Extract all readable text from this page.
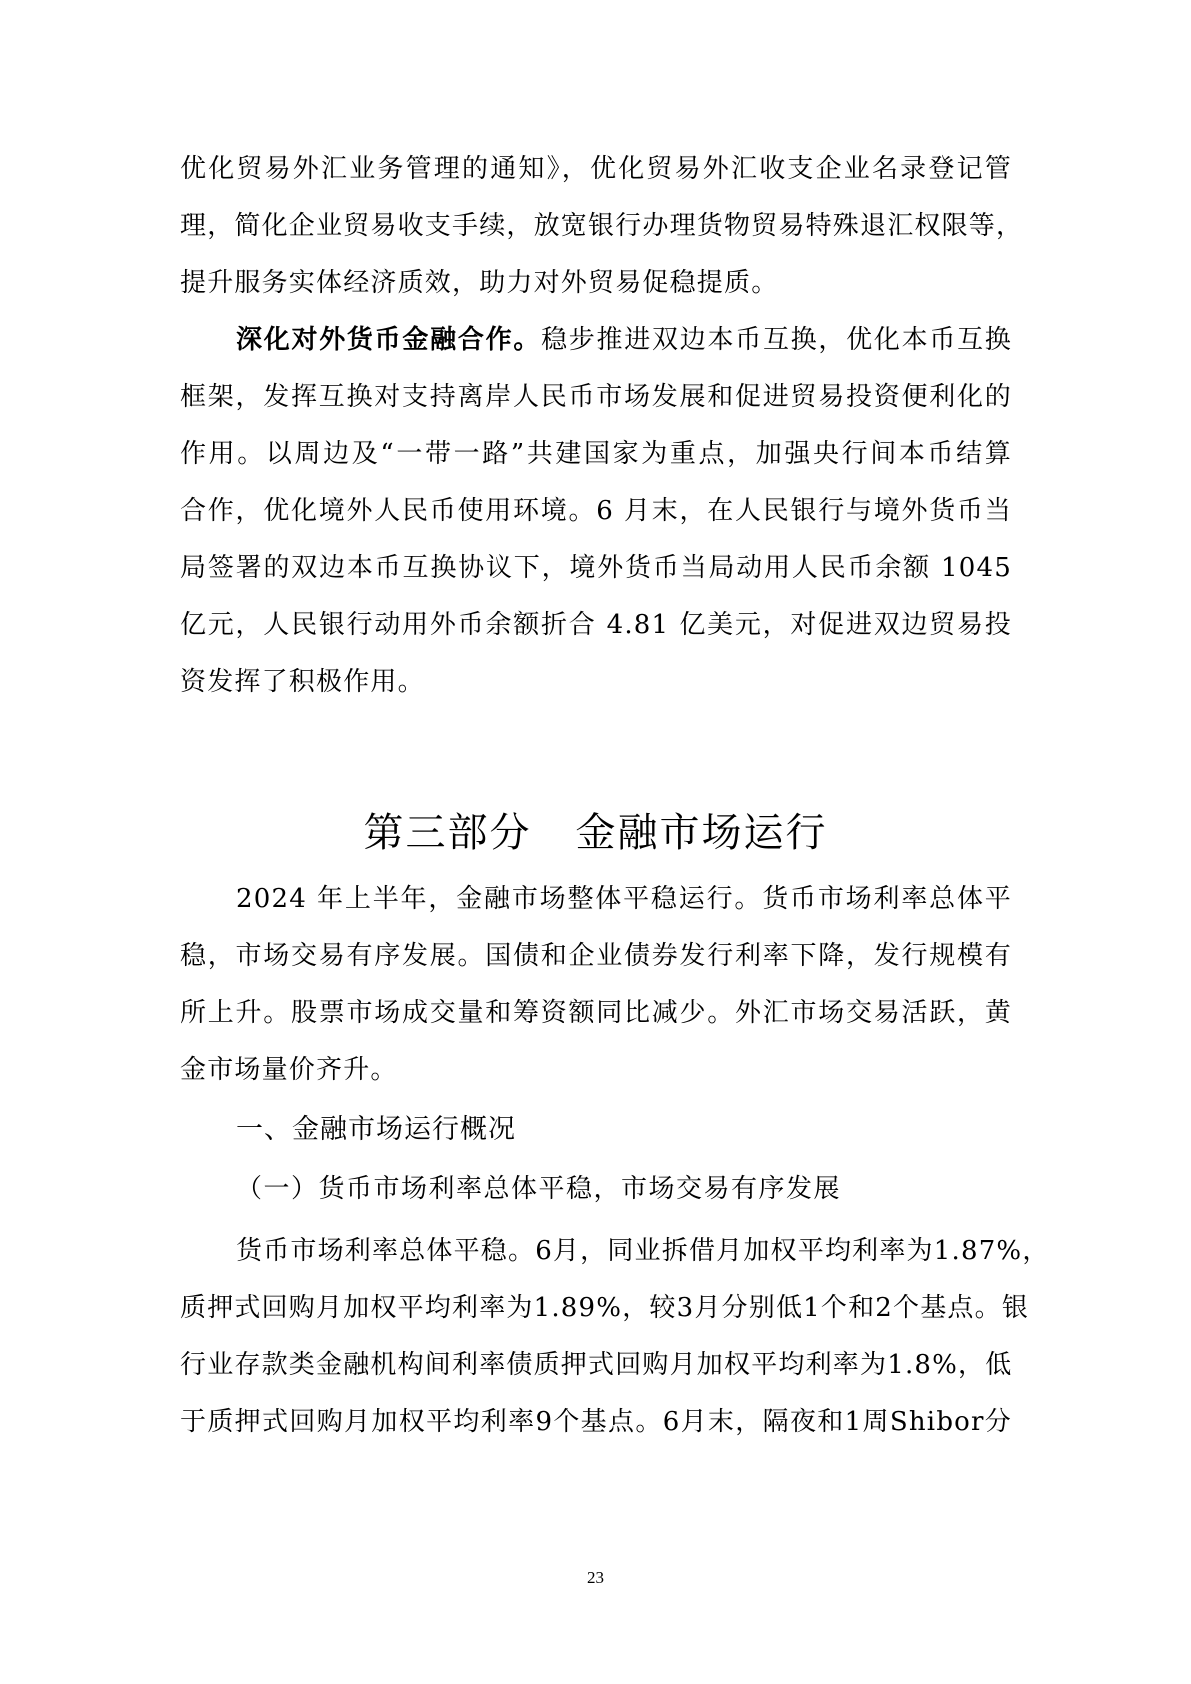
优化贸易外汇业务管理的通知》，优化贸易外汇收支企业名录登记管
理，简化企业贸易收支手续，放宽银行办理货物贸易特殊退汇权限等，
提升服务实体经济质效，助力对外贸易促稳提质。
深化对外货币金融合作。稳步推进双边本币互换，优化本币互换
框架，发挥互换对支持离岸人民币市场发展和促进贸易投资便利化的
作用。以周边及“一带一路”共建国家为重点，加强央行间本币结算
合作，优化境外人民币使用环境。6 月末，在人民银行与境外货币当
局签署的双边本币互换协议下，境外货币当局动用人民币余额 1045
亿元，人民银行动用外币余额折合 4.81 亿美元，对促进双边贸易投
资发挥了积极作用。
第三部分 金融市场运行
2024 年上半年，金融市场整体平稳运行。货币市场利率总体平
稳，市场交易有序发展。国债和企业债券发行利率下降，发行规模有
所上升。股票市场成交量和筹资额同比减少。外汇市场交易活跃，黄
金市场量价齐升。
一、金融市场运行概况
（一）货币市场利率总体平稳，市场交易有序发展
货币市场利率总体平稳。6月，同业拆借月加权平均利率为1.87%，
质押式回购月加权平均利率为1.89%，较3月分别低1个和2个基点。银
行业存款类金融机构间利率债质押式回购月加权平均利率为1.8%，低
于质押式回购月加权平均利率9个基点。6月末，隔夜和1周Shibor分
23
